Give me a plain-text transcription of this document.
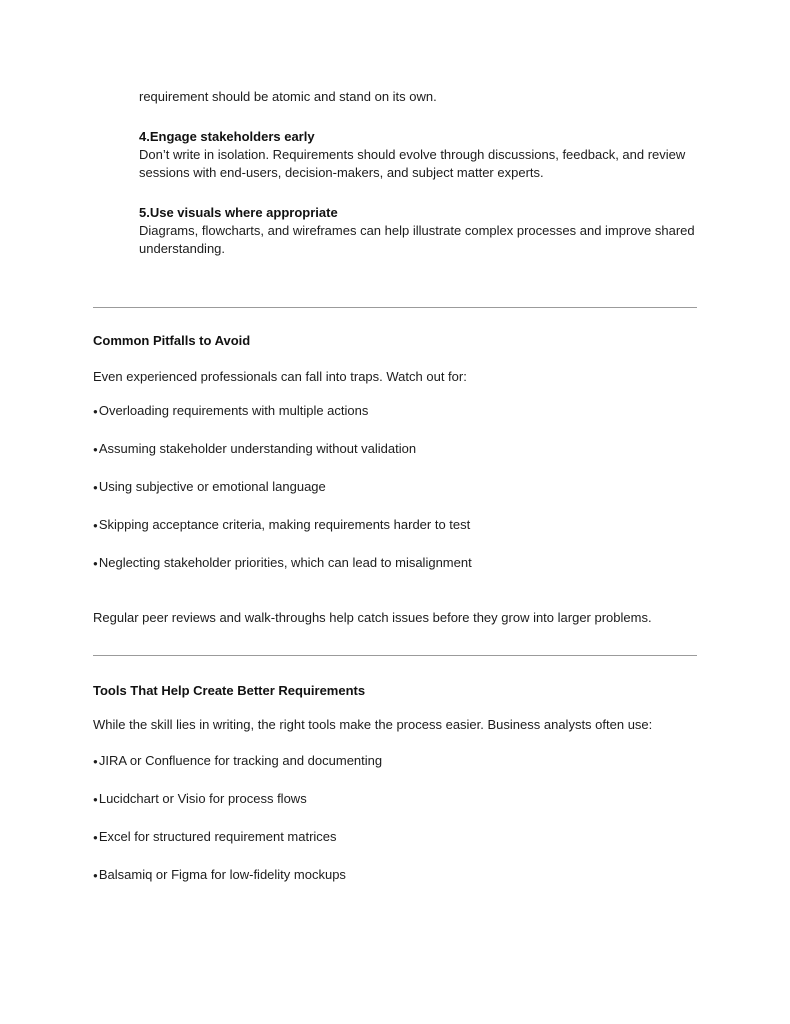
requirement should be atomic and stand on its own.

4.Engage stakeholders early

Don’t write in isolation. Requirements should evolve through discussions, feedback, and review sessions with end-users, decision-makers, and subject matter experts.

5.Use visuals where appropriate

Diagrams, flowcharts, and wireframes can help illustrate complex processes and improve shared understanding.

Common Pitfalls to Avoid

Even experienced professionals can fall into traps. Watch out for:

● Overloading requirements with multiple actions
● Assuming stakeholder understanding without validation
● Using subjective or emotional language
● Skipping acceptance criteria, making requirements harder to test
● Neglecting stakeholder priorities, which can lead to misalignment

Regular peer reviews and walk-throughs help catch issues before they grow into larger problems.

Tools That Help Create Better Requirements

While the skill lies in writing, the right tools make the process easier. Business analysts often use:

● JIRA or Confluence for tracking and documenting
● Lucidchart or Visio for process flows
● Excel for structured requirement matrices
● Balsamiq or Figma for low-fidelity mockups
